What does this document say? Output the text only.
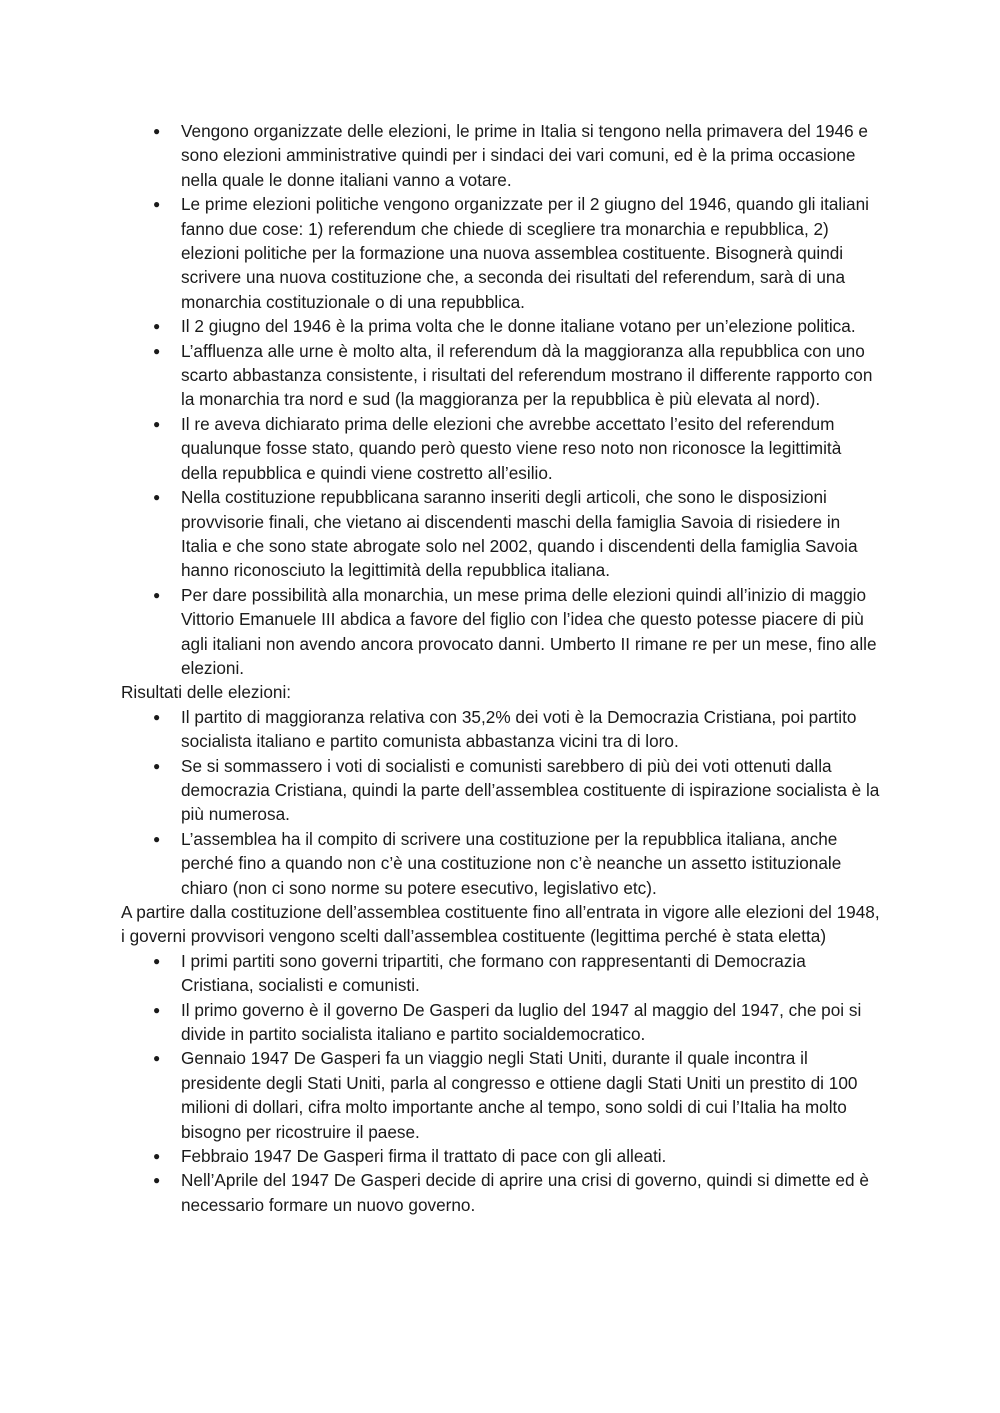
● Vengono organizzate delle elezioni, le prime in Italia si tengono nella primavera del 1946 e sono elezioni amministrative quindi per i sindaci dei vari comuni, ed è la prima occasione nella quale le donne italiani vanno a votare.
● Le prime elezioni politiche vengono organizzate per il 2 giugno del 1946, quando gli italiani fanno due cose: 1) referendum che chiede di scegliere tra monarchia e repubblica, 2) elezioni politiche per la formazione una nuova assemblea costituente. Bisognerà quindi scrivere una nuova costituzione che, a seconda dei risultati del referendum, sarà di una monarchia costituzionale o di una repubblica.
● Il 2 giugno del 1946 è la prima volta che le donne italiane votano per un’elezione politica.
● L’affluenza alle urne è molto alta, il referendum dà la maggioranza alla repubblica con uno scarto abbastanza consistente, i risultati del referendum mostrano il differente rapporto con la monarchia tra nord e sud (la maggioranza per la repubblica è più elevata al nord).
● Il re aveva dichiarato prima delle elezioni che avrebbe accettato l’esito del referendum qualunque fosse stato, quando però questo viene reso noto non riconosce la legittimità della repubblica e quindi viene costretto all’esilio.
● Nella costituzione repubblicana saranno inseriti degli articoli, che sono le disposizioni provvisorie finali, che vietano ai discendenti maschi della famiglia Savoia di risiedere in Italia e che sono state abrogate solo nel 2002, quando i discendenti della famiglia Savoia hanno riconosciuto la legittimità della repubblica italiana.
● Per dare possibilità alla monarchia, un mese prima delle elezioni quindi all’inizio di maggio Vittorio Emanuele III abdica a favore del figlio con l’idea che questo potesse piacere di più agli italiani non avendo ancora provocato danni. Umberto II rimane re per un mese, fino alle elezioni.

Risultati delle elezioni:

● Il partito di maggioranza relativa con 35,2% dei voti è la Democrazia Cristiana, poi partito socialista italiano e partito comunista abbastanza vicini tra di loro.
● Se si sommassero i voti di socialisti e comunisti sarebbero di più dei voti ottenuti dalla democrazia Cristiana, quindi la parte dell’assemblea costituente di ispirazione socialista è la più numerosa.
● L’assemblea ha il compito di scrivere una costituzione per la repubblica italiana, anche perché fino a quando non c’è una costituzione non c’è neanche un assetto istituzionale chiaro (non ci sono norme su potere esecutivo, legislativo etc).

A partire dalla costituzione dell’assemblea costituente fino all’entrata in vigore alle elezioni del 1948, i governi provvisori vengono scelti dall’assemblea costituente (legittima perché è stata eletta)

● I primi partiti sono governi tripartiti, che formano con rappresentanti di Democrazia Cristiana, socialisti e comunisti.
● Il primo governo è il governo De Gasperi da luglio del 1947 al maggio del 1947, che poi si divide in partito socialista italiano e partito socialdemocratico.
● Gennaio 1947 De Gasperi fa un viaggio negli Stati Uniti, durante il quale incontra il presidente degli Stati Uniti, parla al congresso e ottiene dagli Stati Uniti un prestito di 100 milioni di dollari, cifra molto importante anche al tempo, sono soldi di cui l’Italia ha molto bisogno per ricostruire il paese.
● Febbraio 1947 De Gasperi firma il trattato di pace con gli alleati.
● Nell’Aprile del 1947 De Gasperi decide di aprire una crisi di governo, quindi si dimette ed è necessario formare un nuovo governo.
